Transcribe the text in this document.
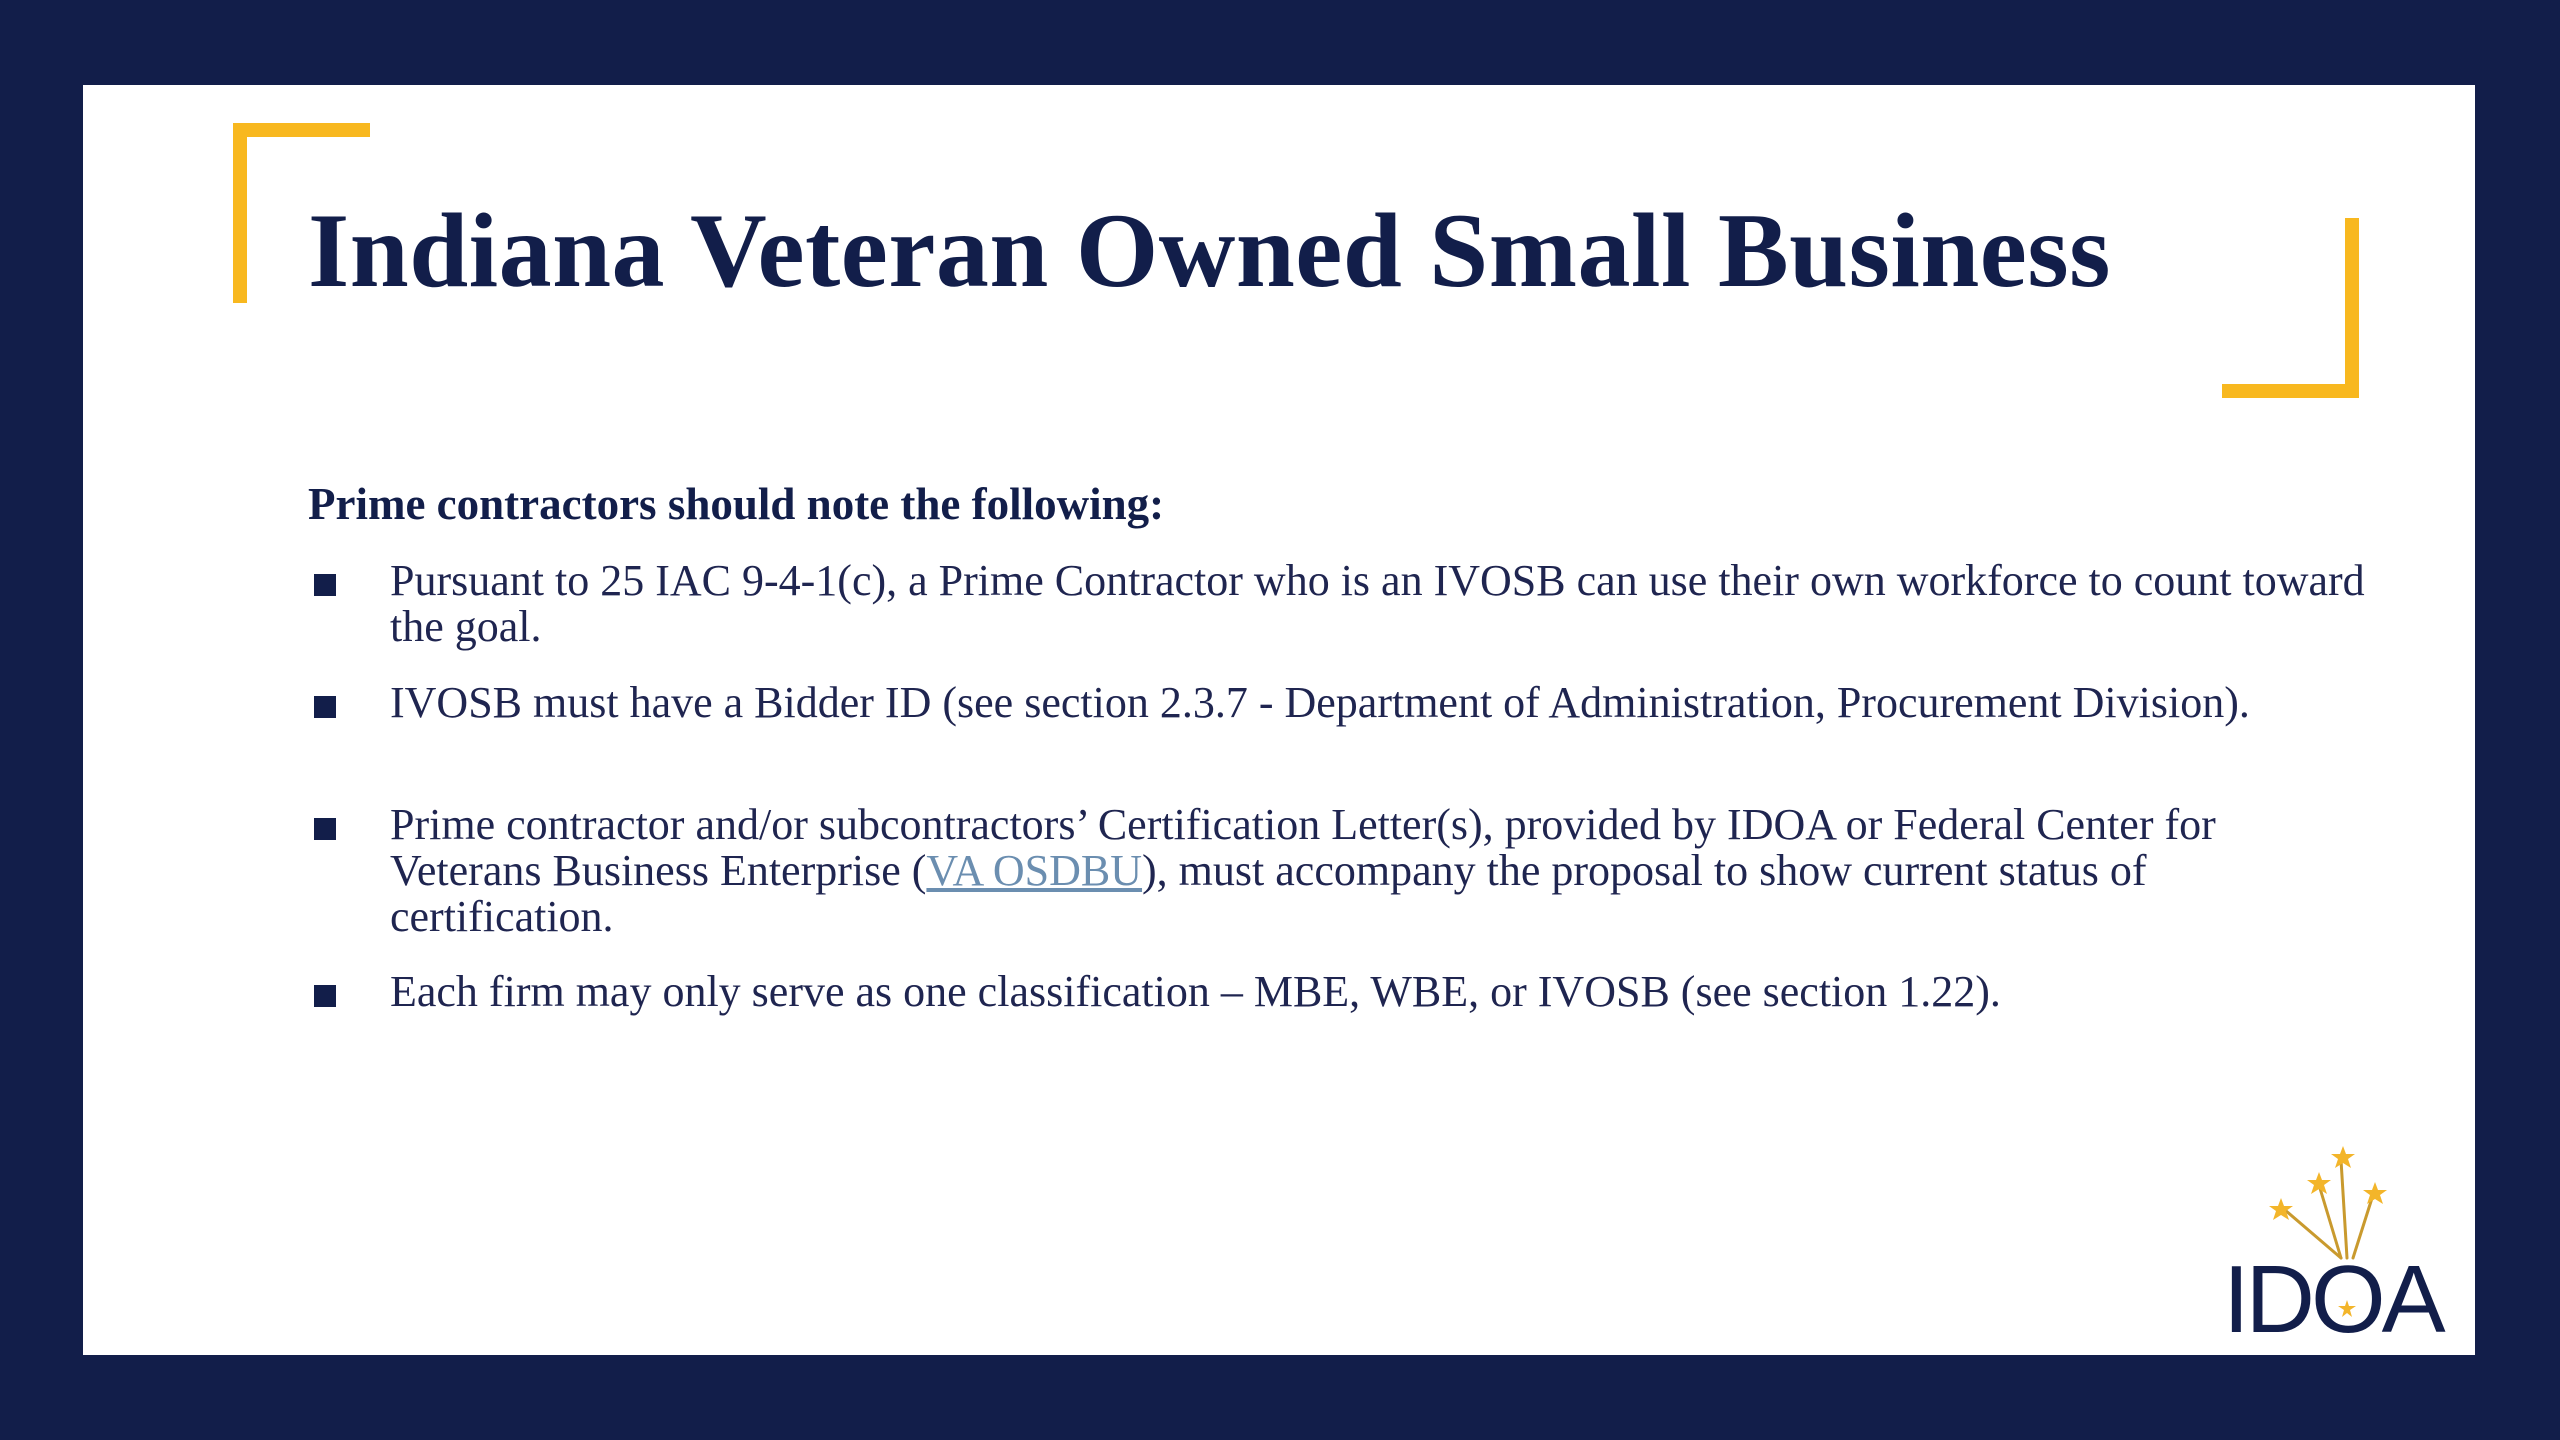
Indiana Veteran Owned Small Business

Prime contractors should note the following:

Pursuant to 25 IAC 9-4-1(c), a Prime Contractor who is an IVOSB can use their own workforce to count toward the goal.
IVOSB must have a Bidder ID (see section 2.3.7 - Department of Administration, Procurement Division).
Prime contractor and/or subcontractors’ Certification Letter(s), provided by IDOA or Federal Center for Veterans Business Enterprise (VA OSDBU), must accompany the proposal to show current status of certification.
Each firm may only serve as one classification – MBE, WBE, or IVOSB (see section 1.22).
IDOA
